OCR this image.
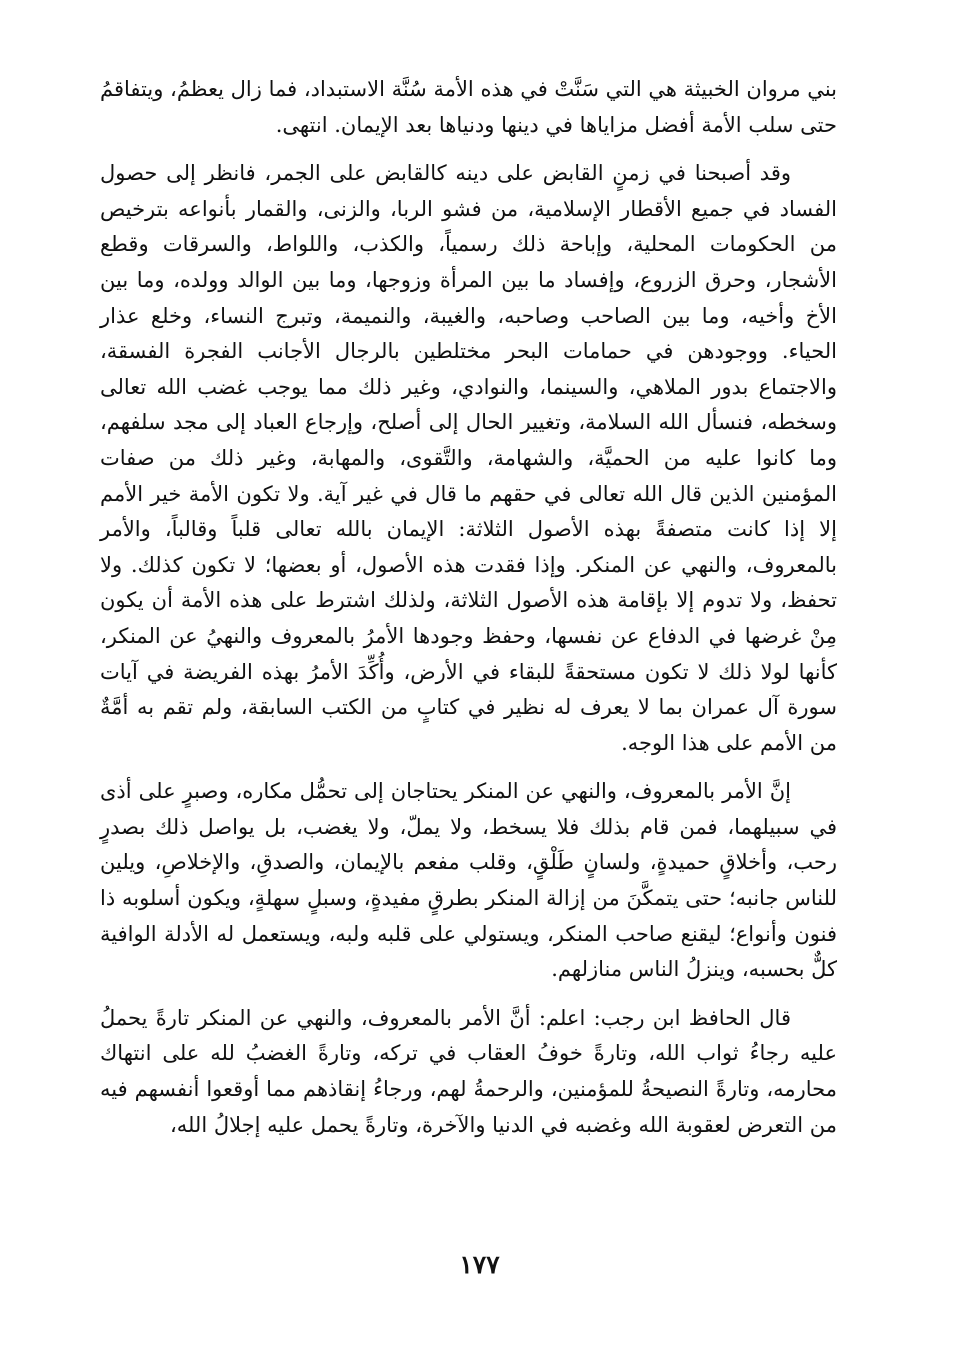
بني مروان الخبيثة هي التي سَنَّتْ في هذه الأمة سُنَّة الاستبداد، فما زال يعظمُ، ويتفاقمُ حتى سلب الأمة أفضل مزاياها في دينها ودنياها بعد الإيمان. انتهى.

وقد أصبحنا في زمنٍ القابض على دينه كالقابض على الجمر، فانظر إلى حصول الفساد في جميع الأقطار الإسلامية، من فشو الربا، والزنى، والقمار بأنواعه بترخيص من الحكومات المحلية، وإباحة ذلك رسمياً، والكذب، واللواط، والسرقات وقطع الأشجار، وحرق الزروع، وإفساد ما بين المرأة وزوجها، وما بين الوالد وولده، وما بين الأخ وأخيه، وما بين الصاحب وصاحبه، والغيبة، والنميمة، وتبرج النساء، وخلع عذار الحياء. ووجودهن في حمامات البحر مختلطين بالرجال الأجانب الفجرة الفسقة، والاجتماع بدور الملاهي، والسينما، والنوادي، وغير ذلك مما يوجب غضب الله تعالى وسخطه، فنسأل الله السلامة، وتغيير الحال إلى أصلح، وإرجاع العباد إلى مجد سلفهم، وما كانوا عليه من الحميَّة، والشهامة، والتَّقوى، والمهابة، وغير ذلك من صفات المؤمنين الذين قال الله تعالى في حقهم ما قال في غير آية. ولا تكون الأمة خير الأمم إلا إذا كانت متصفةً بهذه الأصول الثلاثة: الإيمان بالله تعالى قلباً وقالباً، والأمر بالمعروف، والنهي عن المنكر. وإذا فقدت هذه الأصول، أو بعضها؛ لا تكون كذلك. ولا تحفظ، ولا تدوم إلا بإقامة هذه الأصول الثلاثة، ولذلك اشترط على هذه الأمة أن يكون مِنْ غرضها في الدفاع عن نفسها، وحفظ وجودها الأمرُ بالمعروف والنهيُ عن المنكر، كأنها لولا ذلك لا تكون مستحقةً للبقاء في الأرض، وأُكِّدَ الأمرُ بهذه الفريضة في آيات سورة آل عمران بما لا يعرف له نظير في كتابٍ من الكتب السابقة، ولم تقم به أمَّةٌ من الأمم على هذا الوجه.

إنَّ الأمر بالمعروف، والنهي عن المنكر يحتاجان إلى تحمُّل مكاره، وصبرٍ على أذى في سبيلهما، فمن قام بذلك فلا يسخط، ولا يملّ، ولا يغضب، بل يواصل ذلك بصدرٍ رحب، وأخلاقٍ حميدةٍ، ولسانٍ طَلْقٍ، وقلب مفعم بالإيمان، والصدقِ، والإخلاصِ، ويلين للناس جانبه؛ حتى يتمكَّنَ من إزالة المنكر بطرقٍ مفيدةٍ، وسبلٍ سهلةٍ، ويكون أسلوبه ذا فنون وأنواع؛ ليقنع صاحب المنكر، ويستولي على قلبه ولبه، ويستعمل له الأدلة الوافية كلٌّ بحسبه، وينزلُ الناس منازلهم.

قال الحافظ ابن رجب: اعلم: أنَّ الأمر بالمعروف، والنهي عن المنكر تارةً يحملُ عليه رجاءُ ثواب الله، وتارةً خوفُ العقاب في تركه، وتارةً الغضبُ لله على انتهاك محارمه، وتارةً النصيحةُ للمؤمنين، والرحمةُ لهم، ورجاءُ إنقاذهم مما أوقعوا أنفسهم فيه من التعرض لعقوبة الله وغضبه في الدنيا والآخرة، وتارةً يحمل عليه إجلالُ الله،

١٧٧
